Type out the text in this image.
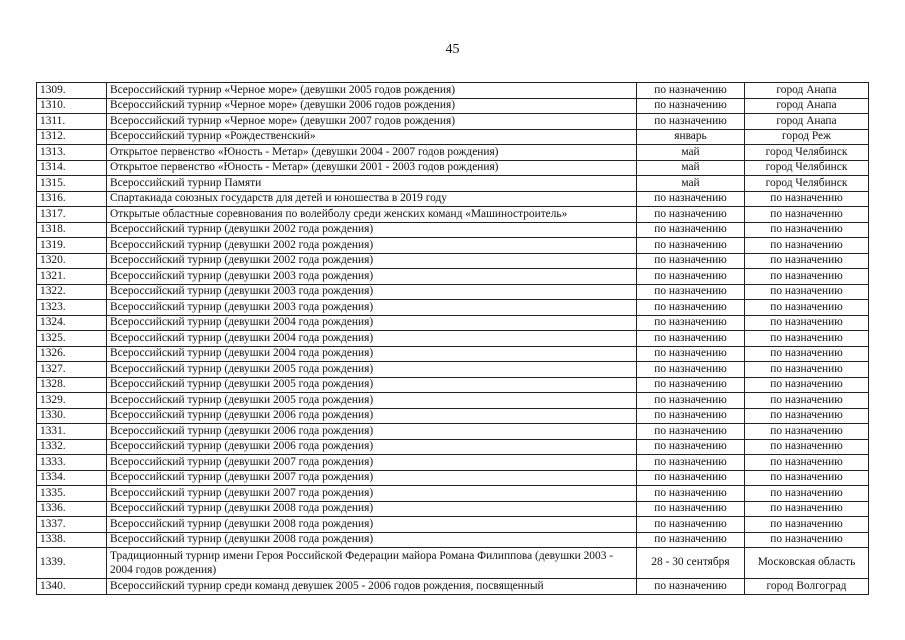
45
1309.	Всероссийский турнир «Черное море» (девушки 2005 годов рождения)	по назначению	город Анапа
1310.	Всероссийский турнир «Черное море» (девушки 2006 годов рождения)	по назначению	город Анапа
1311.	Всероссийский турнир «Черное море» (девушки 2007 годов рождения)	по назначению	город Анапа
1312.	Всероссийский турнир «Рождественский»	январь	город Реж
1313.	Открытое первенство «Юность - Метар» (девушки 2004 - 2007 годов рождения)	май	город Челябинск
1314.	Открытое первенство «Юность - Метар» (девушки 2001 - 2003 годов рождения)	май	город Челябинск
1315.	Всероссийский турнир Памяти	май	город Челябинск
1316.	Спартакиада союзных государств для детей и юношества в 2019 году	по назначению	по назначению
1317.	Открытые областные соревнования по волейболу среди женских команд «Машиностроитель»	по назначению	по назначению
1318.	Всероссийский турнир (девушки 2002 года рождения)	по назначению	по назначению
1319.	Всероссийский турнир (девушки 2002 года рождения)	по назначению	по назначению
1320.	Всероссийский турнир (девушки 2002 года рождения)	по назначению	по назначению
1321.	Всероссийский турнир (девушки 2003 года рождения)	по назначению	по назначению
1322.	Всероссийский турнир (девушки 2003 года рождения)	по назначению	по назначению
1323.	Всероссийский турнир (девушки 2003 года рождения)	по назначению	по назначению
1324.	Всероссийский турнир (девушки 2004 года рождения)	по назначению	по назначению
1325.	Всероссийский турнир (девушки 2004 года рождения)	по назначению	по назначению
1326.	Всероссийский турнир (девушки 2004 года рождения)	по назначению	по назначению
1327.	Всероссийский турнир (девушки 2005 года рождения)	по назначению	по назначению
1328.	Всероссийский турнир (девушки 2005 года рождения)	по назначению	по назначению
1329.	Всероссийский турнир (девушки 2005 года рождения)	по назначению	по назначению
1330.	Всероссийский турнир (девушки 2006 года рождения)	по назначению	по назначению
1331.	Всероссийский турнир (девушки 2006 года рождения)	по назначению	по назначению
1332.	Всероссийский турнир (девушки 2006 года рождения)	по назначению	по назначению
1333.	Всероссийский турнир (девушки 2007 года рождения)	по назначению	по назначению
1334.	Всероссийский турнир (девушки 2007 года рождения)	по назначению	по назначению
1335.	Всероссийский турнир (девушки 2007 года рождения)	по назначению	по назначению
1336.	Всероссийский турнир (девушки 2008 года рождения)	по назначению	по назначению
1337.	Всероссийский турнир (девушки 2008 года рождения)	по назначению	по назначению
1338.	Всероссийский турнир (девушки 2008 года рождения)	по назначению	по назначению
1339.	Традиционный турнир имени Героя Российской Федерации майора Романа Филиппова (девушки 2003 - 2004 годов рождения)	28 - 30 сентября	Московская область
1340.	Всероссийский турнир среди команд девушек 2005 - 2006 годов рождения, посвященный	по назначению	город Волгоград
